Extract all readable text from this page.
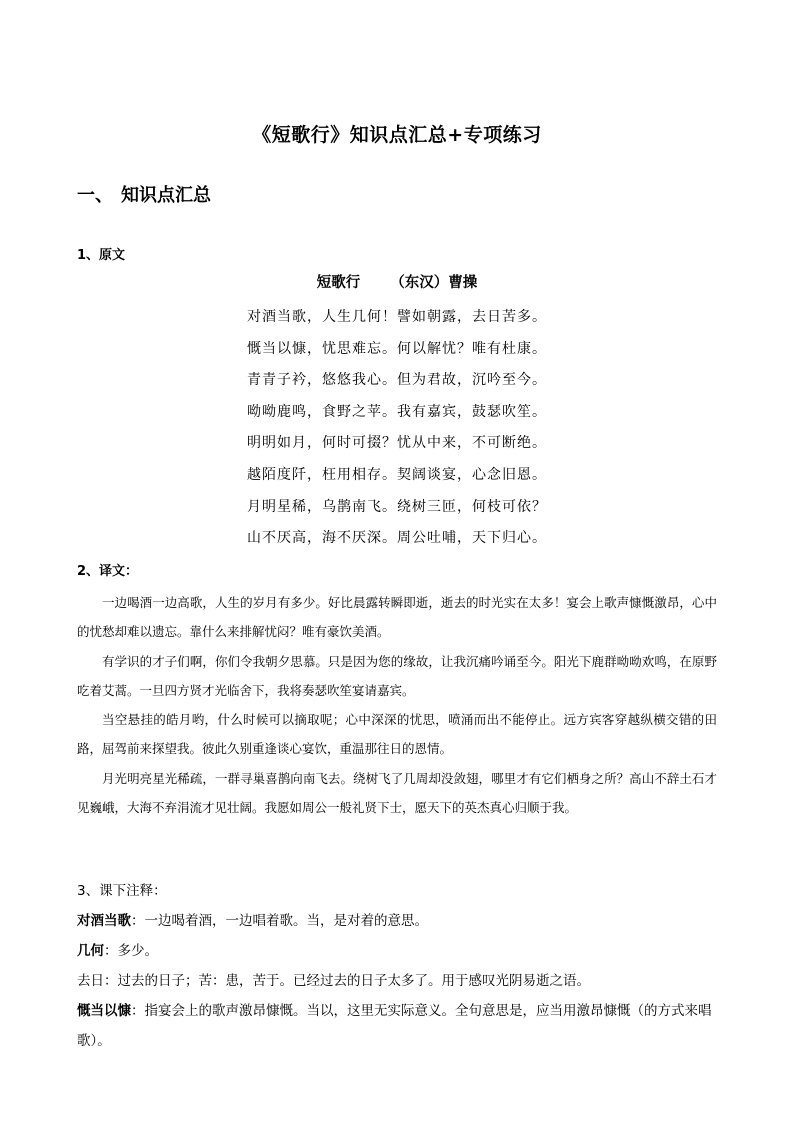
《短歌行》知识点汇总+专项练习
一、 知识点汇总
1、原文
短歌行 （东汉）曹操
对酒当歌，人生几何！譬如朝露，去日苦多。
慨当以慷，忧思难忘。何以解忧？唯有杜康。
青青子衿，悠悠我心。但为君故，沉吟至今。
呦呦鹿鸣，食野之苹。我有嘉宾，鼓瑟吹笙。
明明如月，何时可掇？忧从中来，不可断绝。
越陌度阡，枉用相存。契阔谈宴，心念旧恩。
月明星稀，乌鹊南飞。绕树三匝，何枝可依？
山不厌高，海不厌深。周公吐哺，天下归心。
2、译文：

一边喝酒一边高歌，人生的岁月有多少。好比晨露转瞬即逝，逝去的时光实在太多！宴会上歌声慷慨激昂，心中的忧愁却难以遗忘。靠什么来排解忧闷？唯有豪饮美酒。

有学识的才子们啊，你们令我朝夕思慕。只是因为您的缘故，让我沉痛吟诵至今。阳光下鹿群呦呦欢鸣，在原野吃着艾蒿。一旦四方贤才光临舍下，我将奏瑟吹笙宴请嘉宾。

当空悬挂的皓月哟，什么时候可以摘取呢；心中深深的忧思，喷涌而出不能停止。远方宾客穿越纵横交错的田路，屈驾前来探望我。彼此久别重逢谈心宴饮，重温那往日的恩情。

月光明亮星光稀疏，一群寻巢喜鹊向南飞去。绕树飞了几周却没敛翅，哪里才有它们栖身之所？高山不辞土石才见巍峨，大海不弃涓流才见壮阔。我愿如周公一般礼贤下士，愿天下的英杰真心归顺于我。

3、课下注释：

对酒当歌：一边喝着酒，一边唱着歌。当，是对着的意思。

几何：多少。

去日：过去的日子；苦：患，苦于。已经过去的日子太多了。用于感叹光阴易逝之语。

慨当以慷：指宴会上的歌声激昂慷慨。当以，这里无实际意义。全句意思是，应当用激昂慷慨（的方式来唱歌）。
